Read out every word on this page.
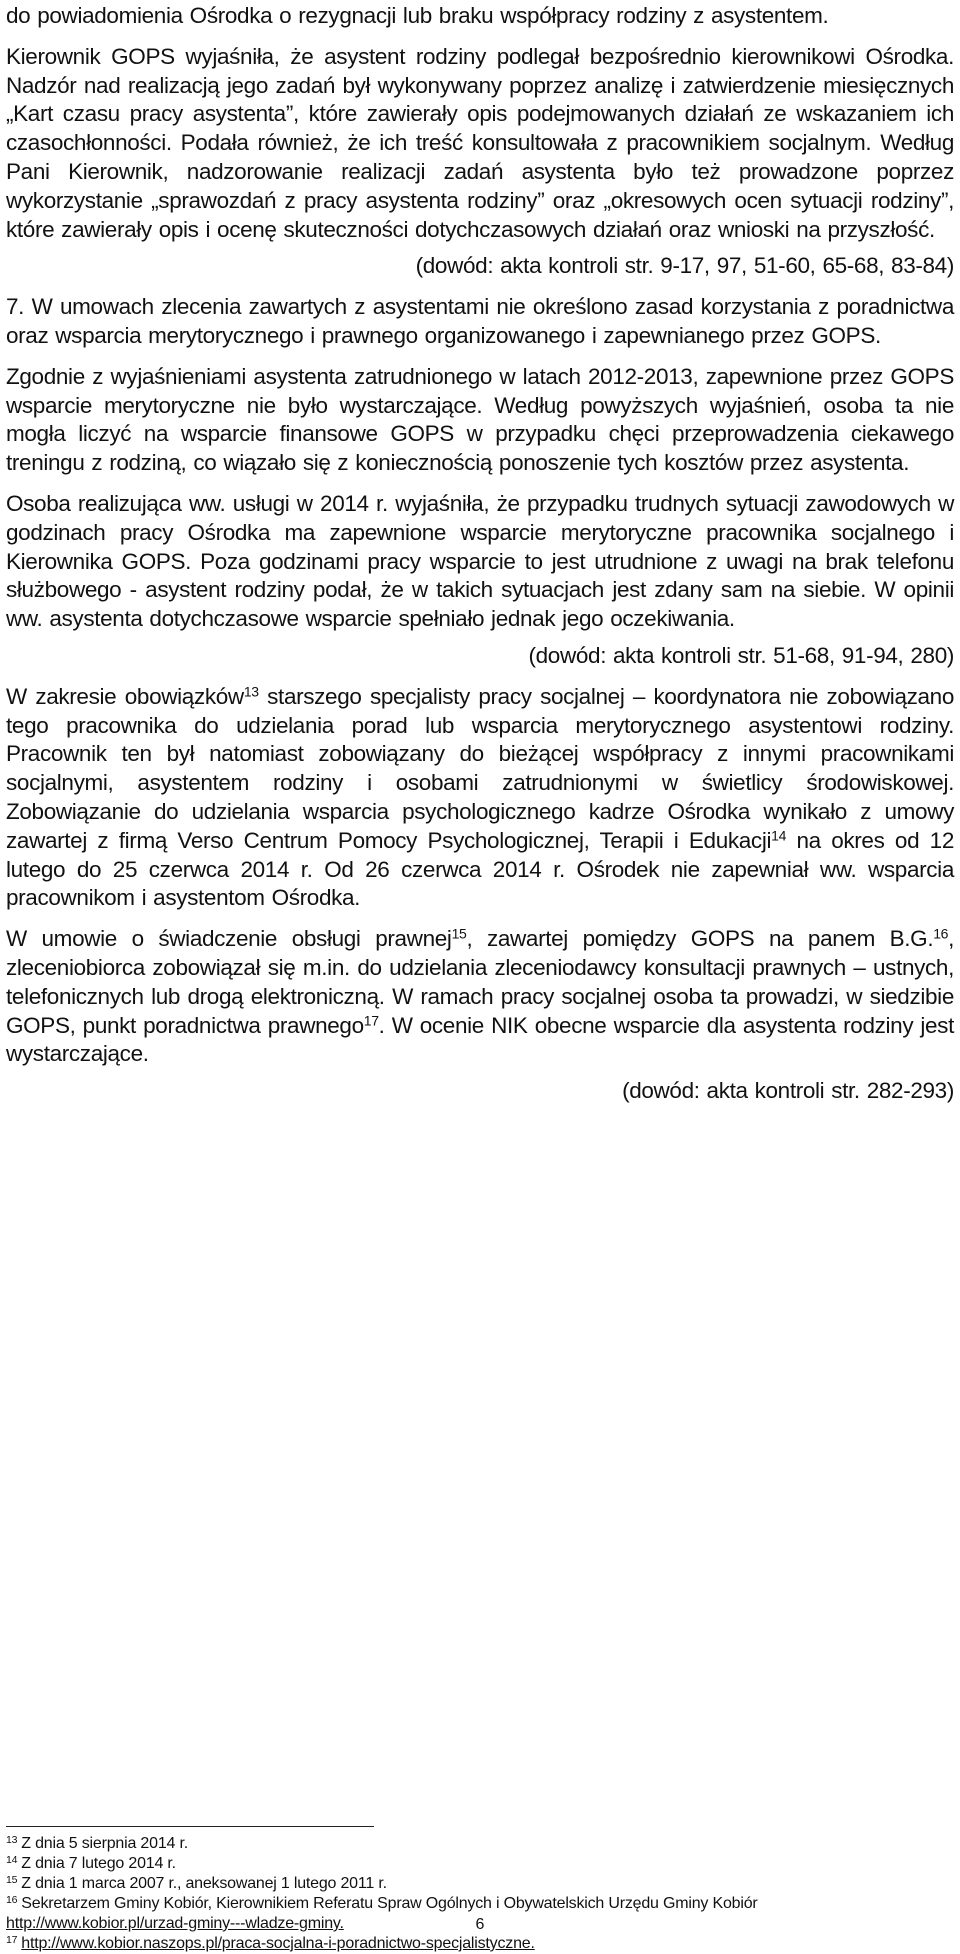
do powiadomienia Ośrodka o rezygnacji lub braku współpracy rodziny z asystentem.

Kierownik GOPS wyjaśniła, że asystent rodziny podlegał bezpośrednio kierownikowi Ośrodka. Nadzór nad realizacją jego zadań był wykonywany poprzez analizę i zatwierdzenie miesięcznych „Kart czasu pracy asystenta”, które zawierały opis podejmowanych działań ze wskazaniem ich czasochłonności. Podała również, że ich treść konsultowała z pracownikiem socjalnym. Według Pani Kierownik, nadzorowanie realizacji zadań asystenta było też prowadzone poprzez wykorzystanie „sprawozdań z pracy asystenta rodziny” oraz „okresowych ocen sytuacji rodziny”, które zawierały opis i ocenę skuteczności dotychczasowych działań oraz wnioski na przyszłość.

(dowód: akta kontroli str. 9-17, 97, 51-60, 65-68, 83-84)

7. W umowach zlecenia zawartych z asystentami nie określono zasad korzystania z poradnictwa oraz wsparcia merytorycznego i prawnego organizowanego i zapewnianego przez GOPS.

Zgodnie z wyjaśnieniami asystenta zatrudnionego w latach 2012-2013, zapewnione przez GOPS wsparcie merytoryczne nie było wystarczające. Według powyższych wyjaśnień, osoba ta nie mogła liczyć na wsparcie finansowe GOPS w przypadku chęci przeprowadzenia ciekawego treningu z rodziną, co wiązało się z koniecznością ponoszenie tych kosztów przez asystenta.

Osoba realizująca ww. usługi w 2014 r. wyjaśniła, że przypadku trudnych sytuacji zawodowych w godzinach pracy Ośrodka ma zapewnione wsparcie merytoryczne pracownika socjalnego i Kierownika GOPS. Poza godzinami pracy wsparcie to jest utrudnione z uwagi na brak telefonu służbowego - asystent rodziny podał, że w takich sytuacjach jest zdany sam na siebie. W opinii ww. asystenta dotychczasowe wsparcie spełniało jednak jego oczekiwania.

(dowód: akta kontroli str. 51-68, 91-94, 280)

W zakresie obowiązków$^{13}$ starszego specjalisty pracy socjalnej – koordynatora nie zobowiązano tego pracownika do udzielania porad lub wsparcia merytorycznego asystentowi rodziny. Pracownik ten był natomiast zobowiązany do bieżącej współpracy z innymi pracownikami socjalnymi, asystentem rodziny i osobami zatrudnionymi w świetlicy środowiskowej. Zobowiązanie do udzielania wsparcia psychologicznego kadrze Ośrodka wynikało z umowy zawartej z firmą Verso Centrum Pomocy Psychologicznej, Terapii i Edukacji$^{14}$ na okres od 12 lutego do 25 czerwca 2014 r. Od 26 czerwca 2014 r. Ośrodek nie zapewniał ww. wsparcia pracownikom i asystentom Ośrodka.

W umowie o świadczenie obsługi prawnej$^{15}$, zawartej pomiędzy GOPS na panem B.G.$^{16}$, zleceniobiorca zobowiązał się m.in. do udzielania zleceniodawcy konsultacji prawnych – ustnych, telefonicznych lub drogą elektroniczną. W ramach pracy socjalnej osoba ta prowadzi, w siedzibie GOPS, punkt poradnictwa prawnego$^{17}$. W ocenie NIK obecne wsparcie dla asystenta rodziny jest wystarczające.

(dowód: akta kontroli str. 282-293)

$^{13}$ Z dnia 5 sierpnia 2014 r.

$^{14}$ Z dnia 7 lutego 2014 r.

$^{15}$ Z dnia 1 marca 2007 r., aneksowanej 1 lutego 2011 r.

$^{16}$ Sekretarzem Gminy Kobiór, Kierownikiem Referatu Spraw Ogólnych i Obywatelskich Urzędu Gminy Kobiór
http://www.kobior.pl/urzad-gminy---wladze-gminy.

$^{17}$ http://www.kobior.naszops.pl/praca-socjalna-i-poradnictwo-specjalistyczne.

6
